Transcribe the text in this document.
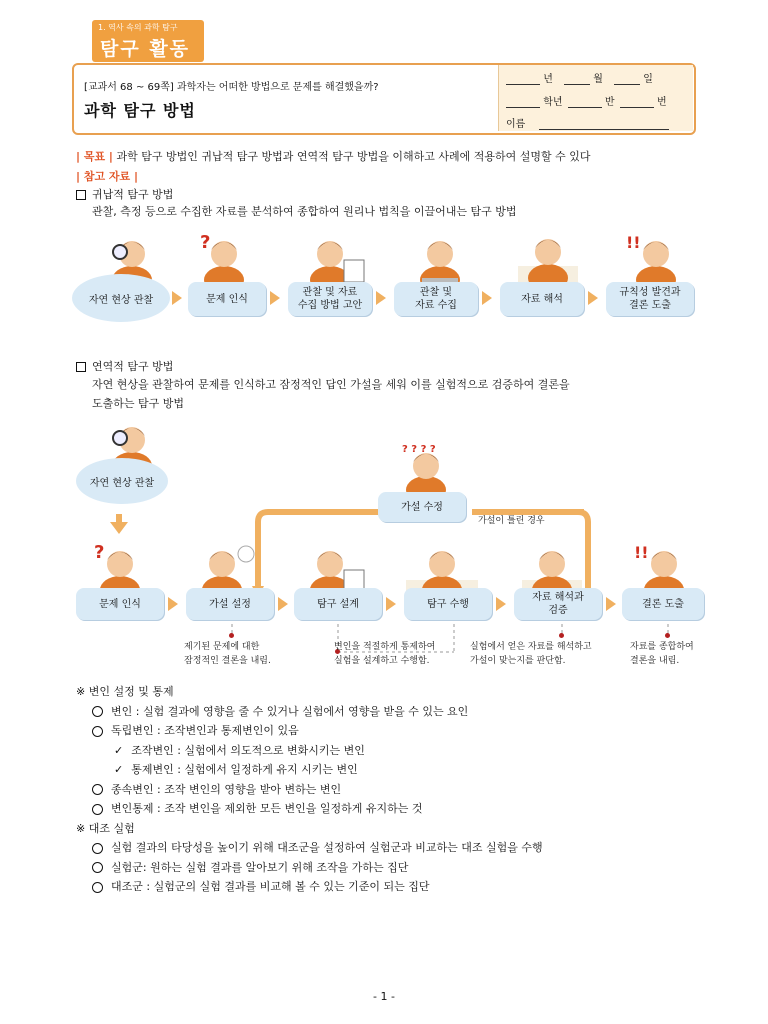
1. 역사 속의 과학 탐구
탐구 활동
[교과서 68 ~ 69쪽] 과학자는 어떠한 방법으로 문제를 해결했을까?
과학 탐구 방법
년	월	일
학년	반	번
이름
| 목표 | 과학 탐구 방법인 귀납적 탐구 방법과 연역적 탐구 방법을 이해하고 사례에 적용하여 설명할 수 있다
| 참고 자료 |
귀납적 탐구 방법
관찰, 측정 등으로 수집한 자료를 분석하여 종합하여 원리나 법칙을 이끌어내는 탐구 방법
?	!!
자연 현상 관찰	문제 인식
관찰 및 자료
수집 방법 고안
관찰 및
자료 수집
자료 해석
규칙성 발견과
결론 도출
연역적 탐구 방법
자연 현상을 관찰하여 문제를 인식하고 잠정적인 답인 가설을 세워 이를 실험적으로 검증하여 결론을
도출하는 탐구 방법
? ? ? ?
?	!!
자연 현상 관찰
가설 수정
가설이 틀린 경우
문제 인식	가설 설정	탐구 설계	탐구 수행
자료 해석과
검증
결론 도출
제기된 문제에 대한
잠정적인 결론을 내림.
변인을 적절하게 통제하여
실험을 설계하고 수행함.
실험에서 얻은 자료를 해석하고
가설이 맞는지를 판단함.
자료를 종합하여
결론을 내림.
※ 변인 설정 및 통제
변인 : 실험 결과에 영향을 줄 수 있거나 실험에서 영향을 받을 수 있는 요인
독립변인 : 조작변인과 통제변인이 있음
✓ 조작변인 : 실험에서 의도적으로 변화시키는 변인
✓ 통제변인 : 실험에서 일정하게 유지 시키는 변인
종속변인 : 조작 변인의 영향을 받아 변하는 변인
변인통제 : 조작 변인을 제외한 모든 변인을 일정하게 유지하는 것
※ 대조 실험
실험 결과의 타당성을 높이기 위해 대조군을 설정하여 실험군과 비교하는 대조 실험을 수행
실험군: 원하는 실험 결과를 알아보기 위해 조작을 가하는 집단
대조군 : 실험군의 실험 결과를 비교해 볼 수 있는 기준이 되는 집단
- 1 -
